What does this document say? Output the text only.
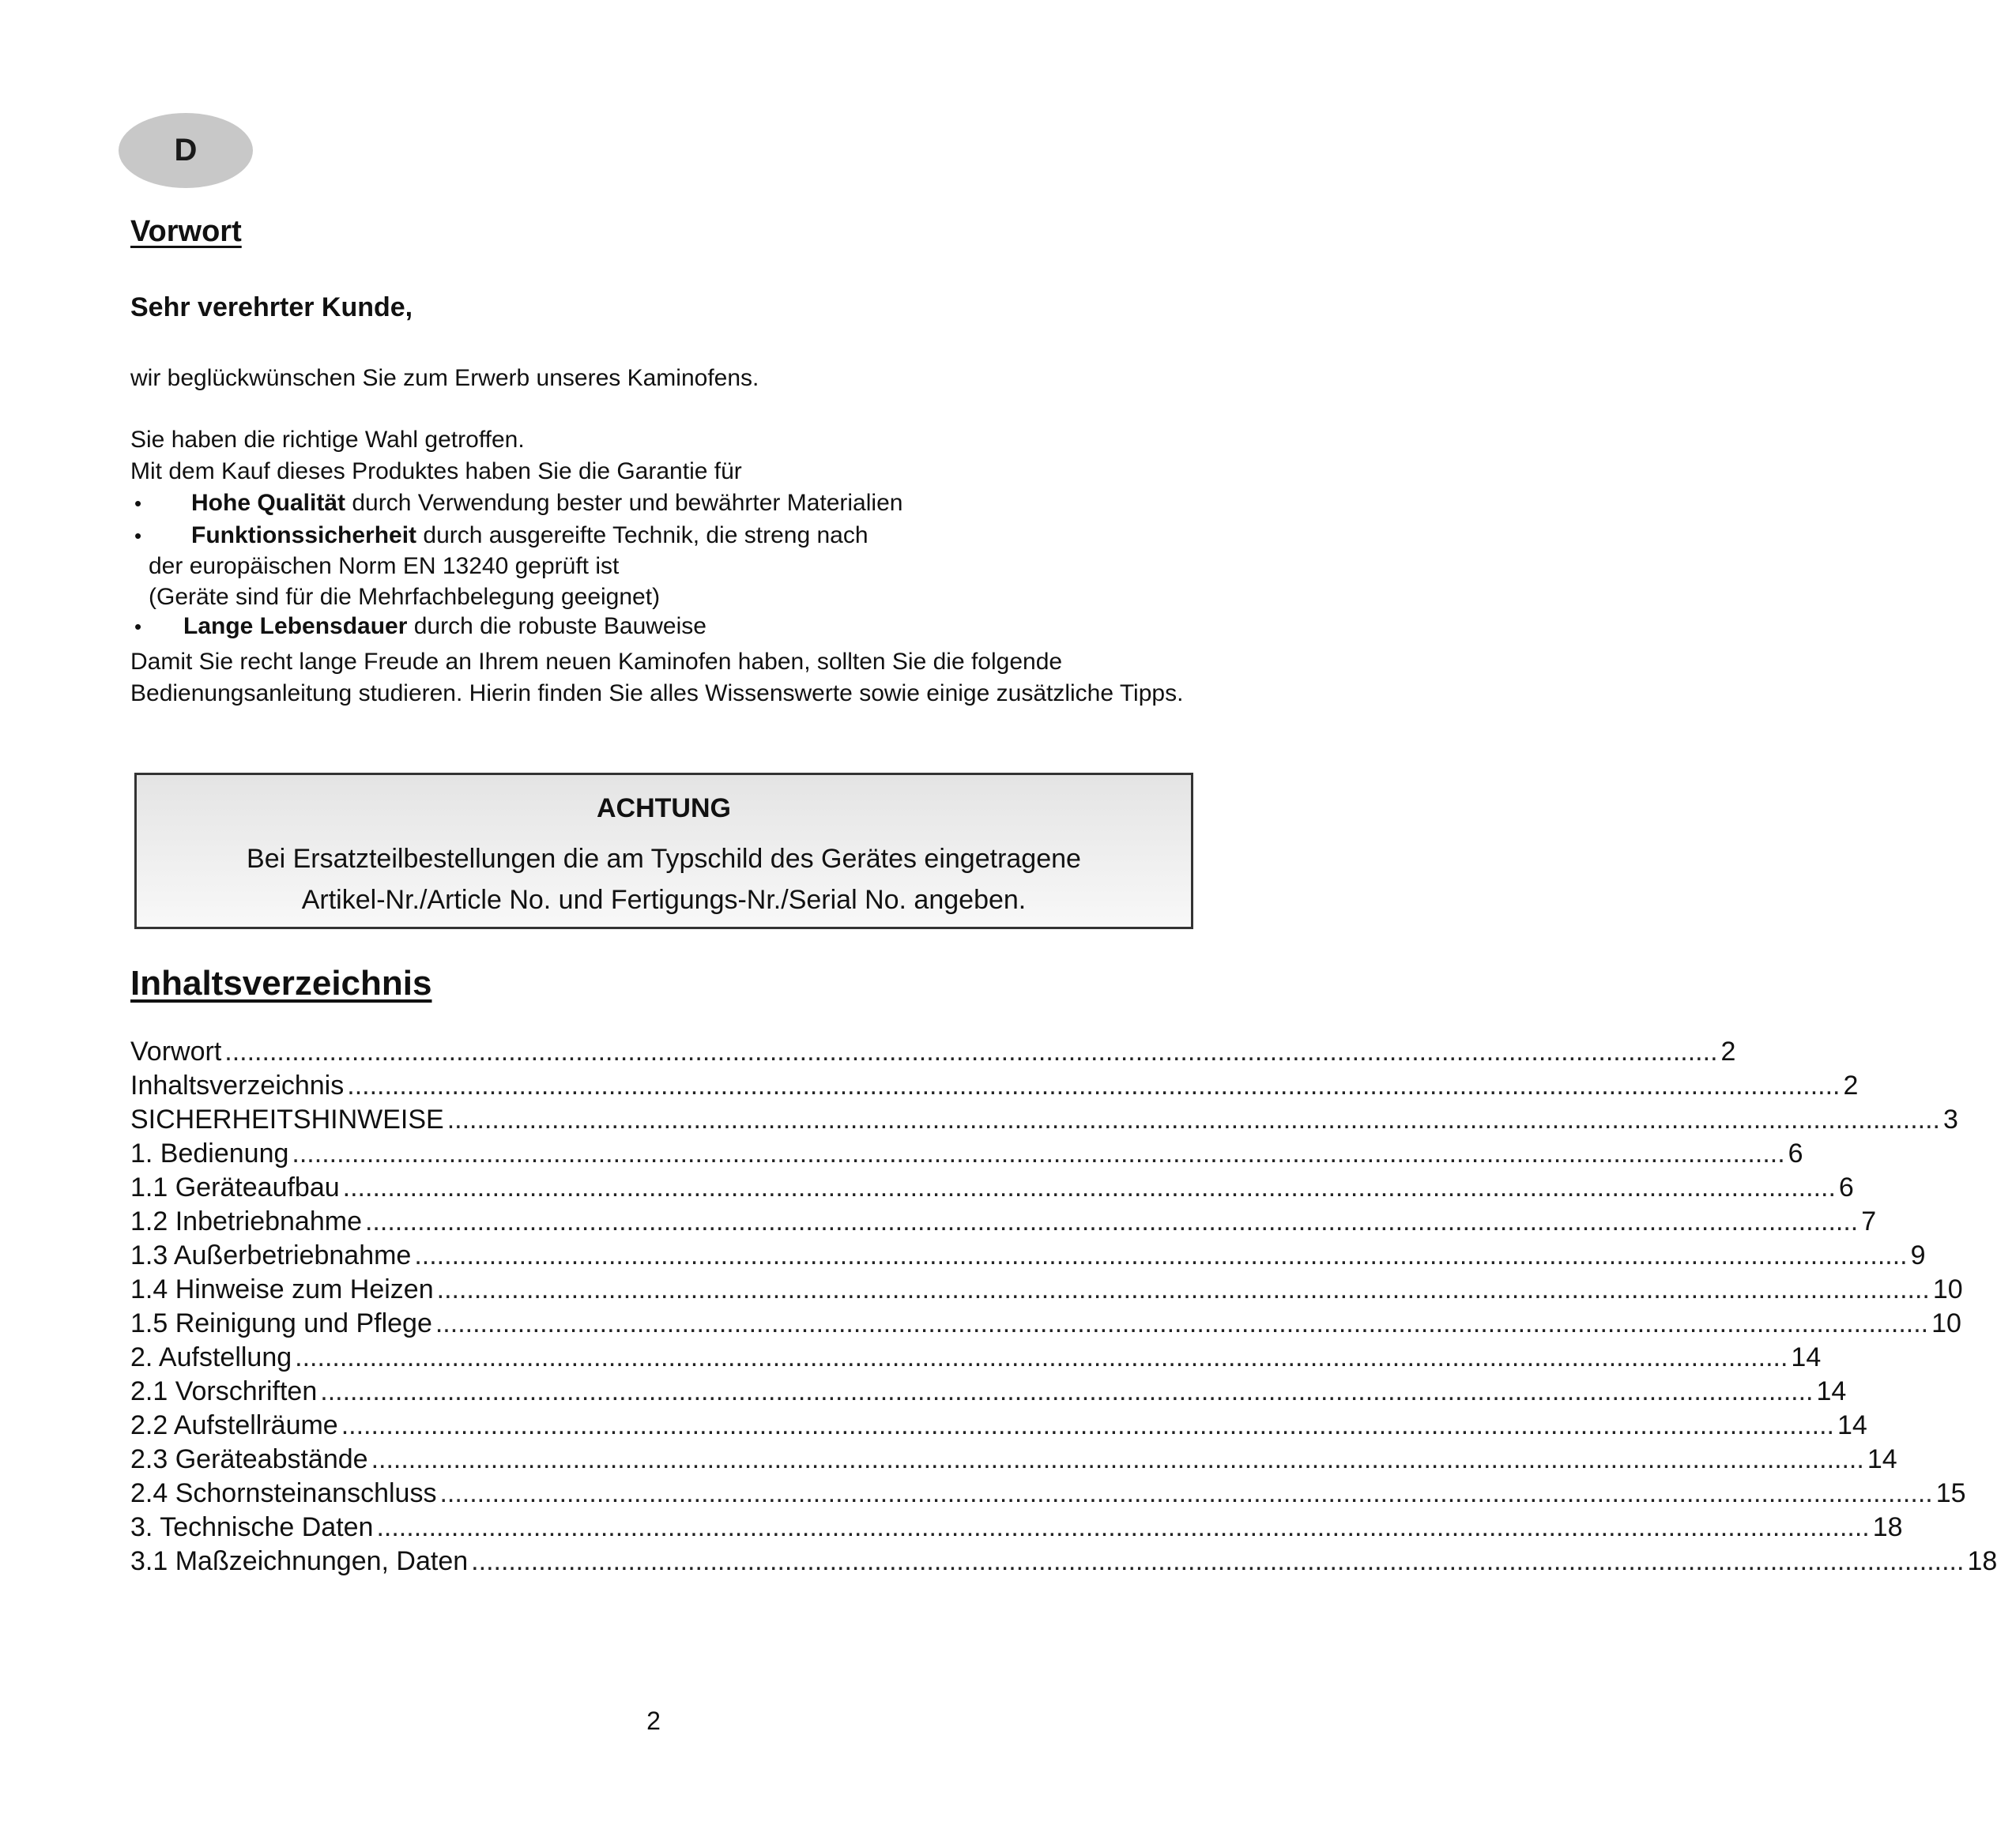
D
Vorwort
Sehr verehrter Kunde,
wir beglückwünschen Sie zum Erwerb unseres Kaminofens.
Sie haben die richtige Wahl getroffen.
Mit dem Kauf dieses Produktes haben Sie die Garantie für
• Hohe Qualität durch Verwendung bester und bewährter Materialien
• Funktionssicherheit durch ausgereifte Technik, die streng nach
der europäischen Norm EN 13240 geprüft ist
(Geräte sind für die Mehrfachbelegung geeignet)
• Lange Lebensdauer durch die robuste Bauweise
Damit Sie recht lange Freude an Ihrem neuen Kaminofen haben, sollten Sie die folgende Bedienungsanleitung studieren. Hierin finden Sie alles Wissenswerte sowie einige zusätzliche Tipps.
ACHTUNG
Bei Ersatzteilbestellungen die am Typschild des Gerätes eingetragene
Artikel-Nr./Article No. und Fertigungs-Nr./Serial No. angeben.
Inhaltsverzeichnis
Vorwort ........................................................................................................................................................................................................ 2
Inhaltsverzeichnis ........................................................................................................................................................................................................ 2
SICHERHEITSHINWEISE ........................................................................................................................................................................................................ 3
1. Bedienung ........................................................................................................................................................................................................ 6
1.1 Geräteaufbau ........................................................................................................................................................................................................ 6
1.2 Inbetriebnahme ........................................................................................................................................................................................................ 7
1.3 Außerbetriebnahme ........................................................................................................................................................................................................ 9
1.4 Hinweise zum Heizen ........................................................................................................................................................................................................ 10
1.5 Reinigung und Pflege ........................................................................................................................................................................................................ 10
2. Aufstellung ........................................................................................................................................................................................................ 14
2.1 Vorschriften ........................................................................................................................................................................................................ 14
2.2 Aufstellräume ........................................................................................................................................................................................................ 14
2.3 Geräteabstände ........................................................................................................................................................................................................ 14
2.4 Schornsteinanschluss ........................................................................................................................................................................................................ 15
3. Technische Daten ........................................................................................................................................................................................................ 18
3.1 Maßzeichnungen, Daten ........................................................................................................................................................................................................ 18
2
